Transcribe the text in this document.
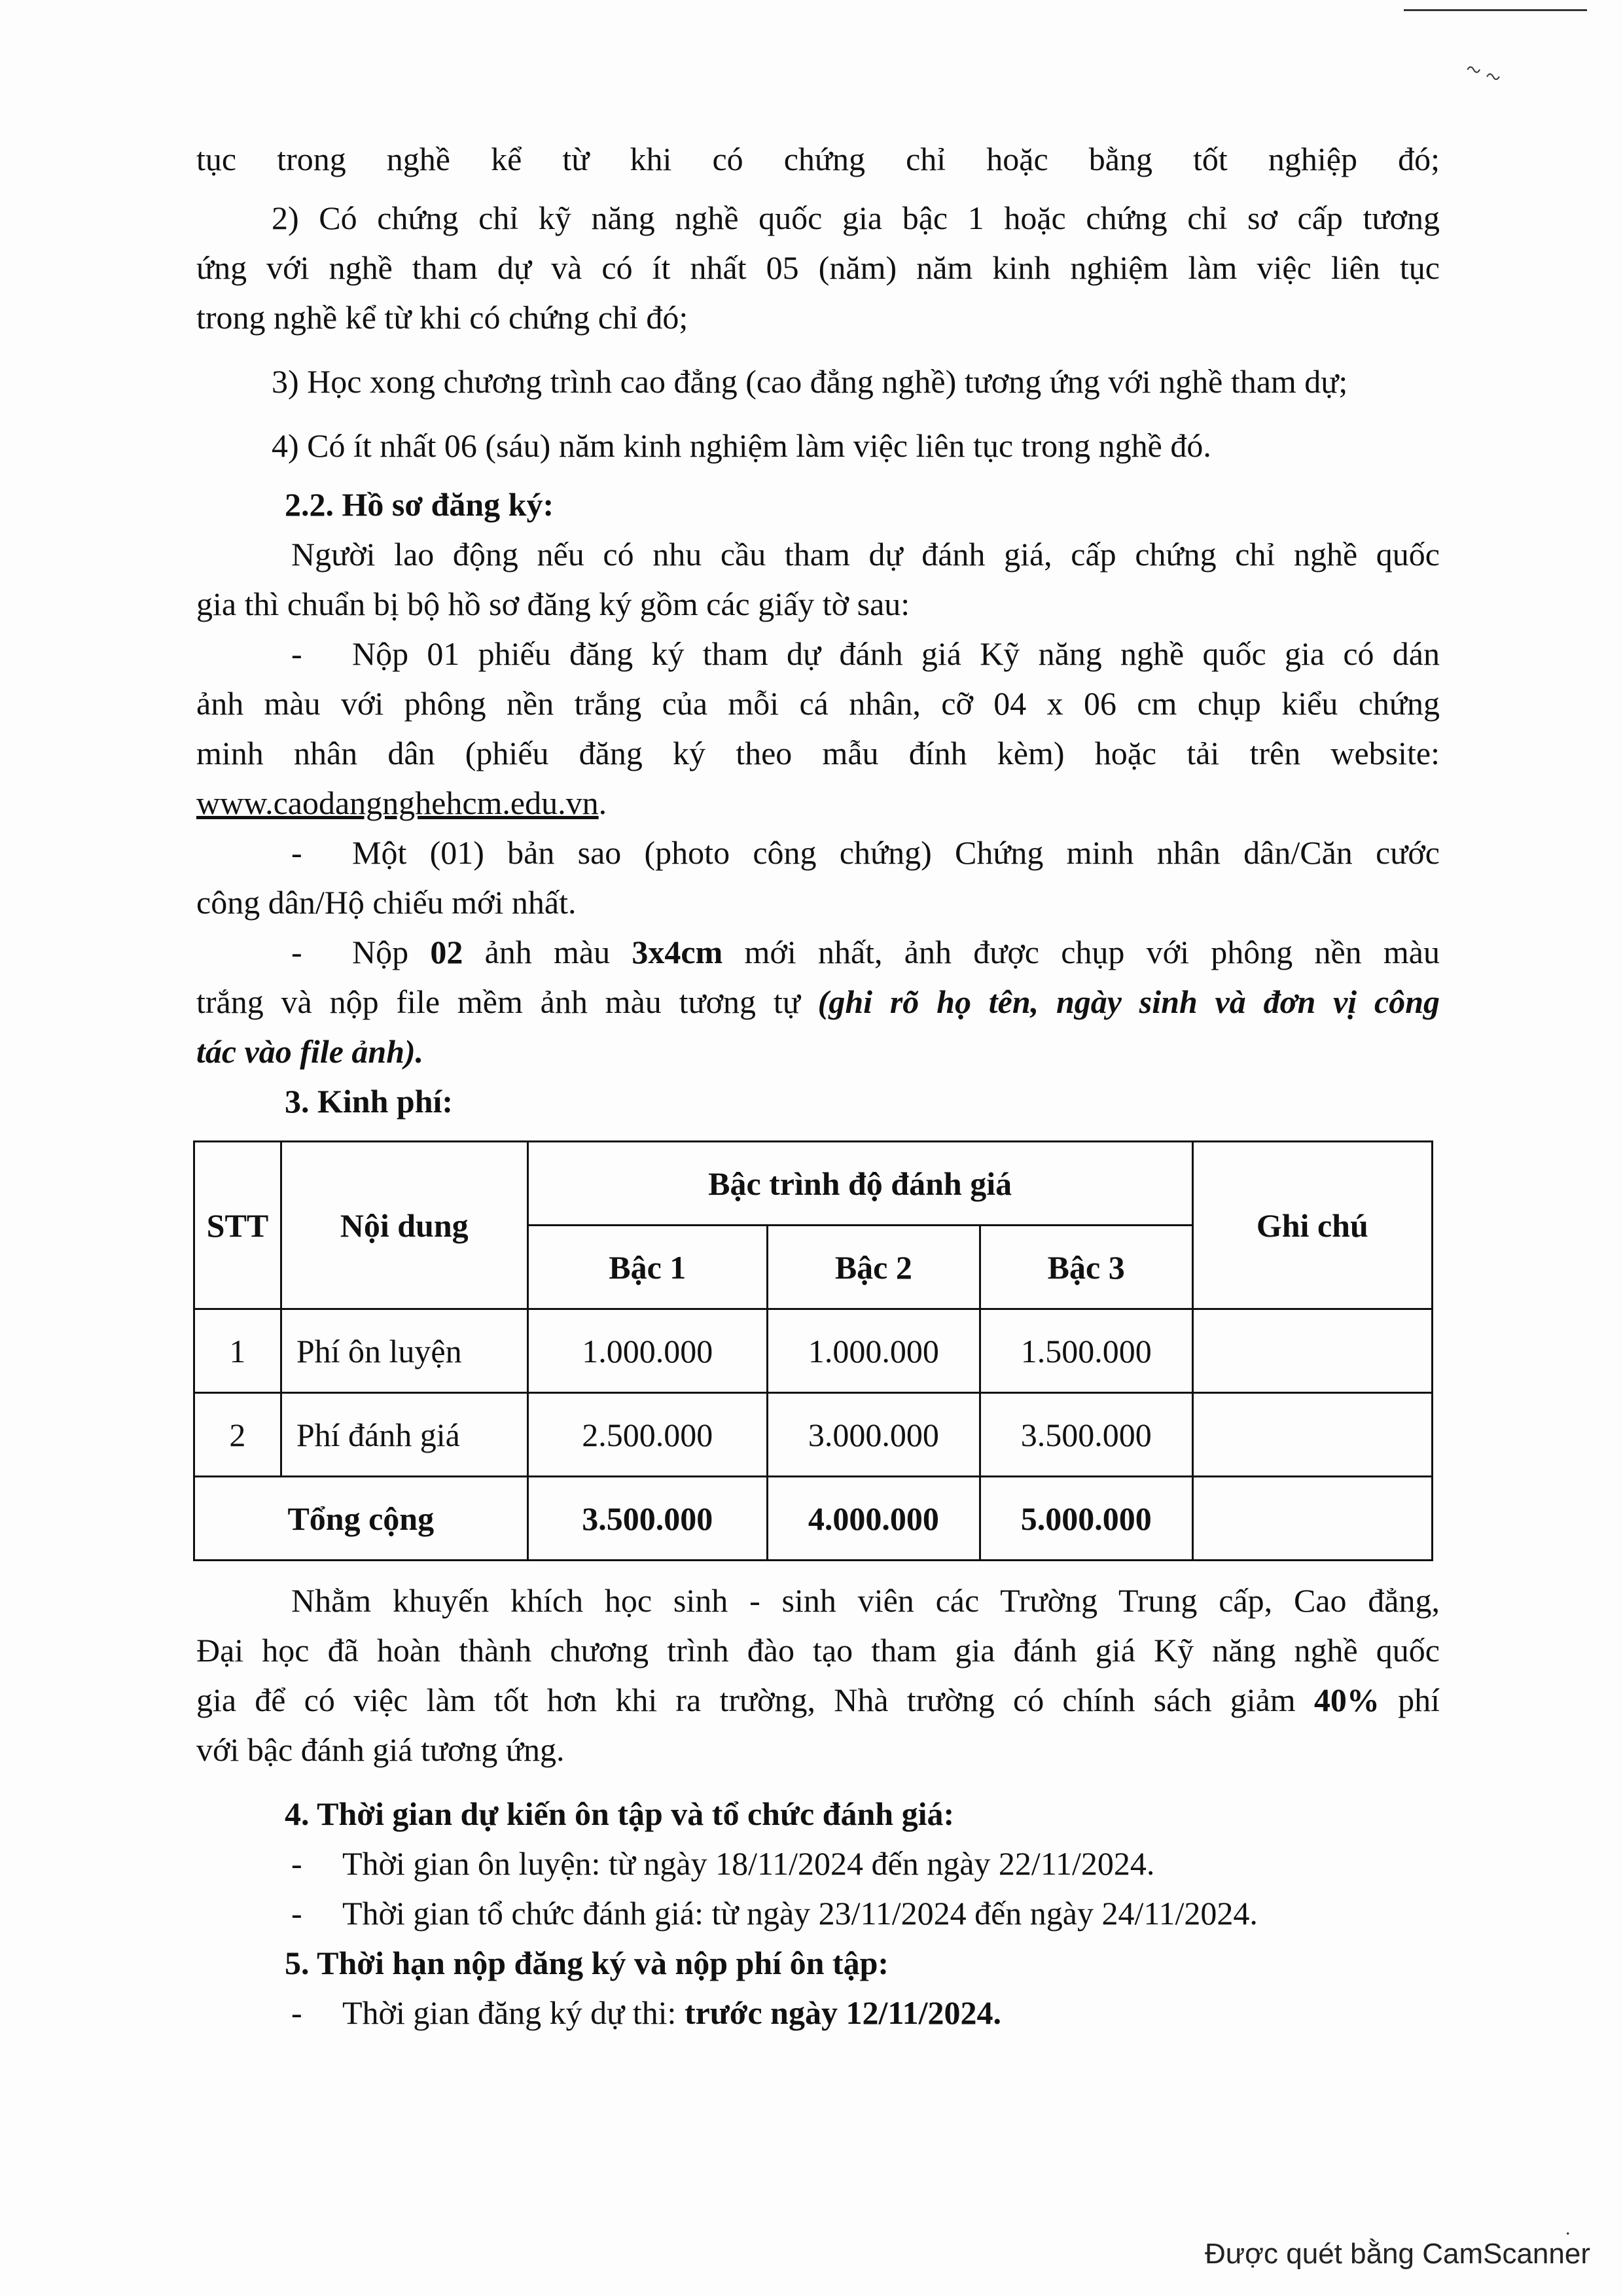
~ ~

tục trong nghề kể từ khi có chứng chỉ hoặc bằng tốt nghiệp đó;

2) Có chứng chỉ kỹ năng nghề quốc gia bậc 1 hoặc chứng chỉ sơ cấp tương

ứng với nghề tham dự và có ít nhất 05 (năm) năm kinh nghiệm làm việc liên tục

trong nghề kể từ khi có chứng chỉ đó;

3) Học xong chương trình cao đẳng (cao đẳng nghề) tương ứng với nghề tham dự;

4) Có ít nhất 06 (sáu) năm kinh nghiệm làm việc liên tục trong nghề đó.

2.2. Hồ sơ đăng ký:

Người lao động nếu có nhu cầu tham dự đánh giá, cấp chứng chỉ nghề quốc

gia thì chuẩn bị bộ hồ sơ đăng ký gồm các giấy tờ sau:

- Nộp 01 phiếu đăng ký tham dự đánh giá Kỹ năng nghề quốc gia có dán

ảnh màu với phông nền trắng của mỗi cá nhân, cỡ 04 x 06 cm chụp kiểu chứng

minh nhân dân (phiếu đăng ký theo mẫu đính kèm) hoặc tải trên website:

www.caodangnghehcm.edu.vn.

- Một (01) bản sao (photo công chứng) Chứng minh nhân dân/Căn cước

công dân/Hộ chiếu mới nhất.

- Nộp 02 ảnh màu 3x4cm mới nhất, ảnh được chụp với phông nền màu

trắng và nộp file mềm ảnh màu tương tự (ghi rõ họ tên, ngày sinh và đơn vị công

tác vào file ảnh).

3. Kinh phí:

STT	Nội dung	Bậc trình độ đánh giá			Ghi chú
		Bậc 1	Bậc 2	Bậc 3	
1	Phí ôn luyện	1.000.000	1.000.000	1.500.000	
2	Phí đánh giá	2.500.000	3.000.000	3.500.000	
Tổng cộng		3.500.000	4.000.000	5.000.000	

Nhằm khuyến khích học sinh - sinh viên các Trường Trung cấp, Cao đẳng,

Đại học đã hoàn thành chương trình đào tạo tham gia đánh giá Kỹ năng nghề quốc

gia để có việc làm tốt hơn khi ra trường, Nhà trường có chính sách giảm 40% phí

với bậc đánh giá tương ứng.

4. Thời gian dự kiến ôn tập và tổ chức đánh giá:

- Thời gian ôn luyện: từ ngày 18/11/2024 đến ngày 22/11/2024.

- Thời gian tổ chức đánh giá: từ ngày 23/11/2024 đến ngày 24/11/2024.

5. Thời hạn nộp đăng ký và nộp phí ôn tập:

- Thời gian đăng ký dự thi: trước ngày 12/11/2024.

.
Được quét bằng CamScanner
